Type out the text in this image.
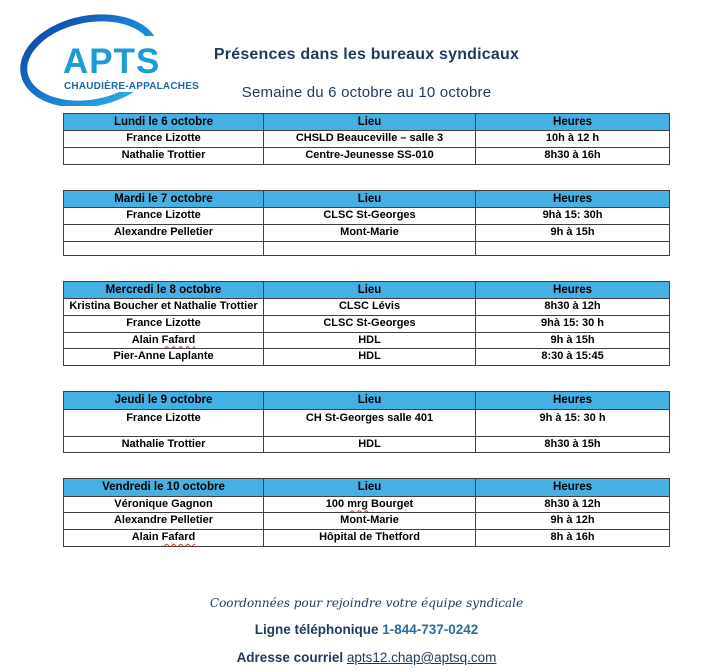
APTS
CHAUDIÈRE-APPALACHES
Présences dans les bureaux syndicaux
Semaine du 6 octobre au 10 octobre
Lundi le 6 octobre	Lieu	Heures
France Lizotte	CHSLD Beauceville – salle 3	10h à 12 h
Nathalie Trottier	Centre-Jeunesse SS-010	8h30 à 16h
Mardi le 7 octobre	Lieu	Heures
France Lizotte	CLSC St-Georges	9hà 15: 30h
Alexandre Pelletier	Mont-Marie	9h à 15h

Mercredi le 8 octobre	Lieu	Heures
Kristina Boucher et Nathalie Trottier	CLSC Lévis	8h30 à 12h
France Lizotte	CLSC St-Georges	9hà 15: 30 h
Alain Fafard	HDL	9h à 15h
Pier-Anne Laplante	HDL	8:30 à 15:45
Jeudi le 9 octobre	Lieu	Heures
France Lizotte	CH St-Georges salle 401	9h à 15: 30 h
Nathalie Trottier	HDL	8h30 à 15h
Vendredi le 10 octobre	Lieu	Heures
Véronique Gagnon	100 mrg Bourget	8h30 à 12h
Alexandre Pelletier	Mont-Marie	9h à 12h
Alain Fafard	Hôpital de Thetford	8h à 16h
Coordonnées pour rejoindre votre équipe syndicale
Ligne téléphonique 1-844-737-0242
Adresse courriel apts12.chap@aptsq.com
